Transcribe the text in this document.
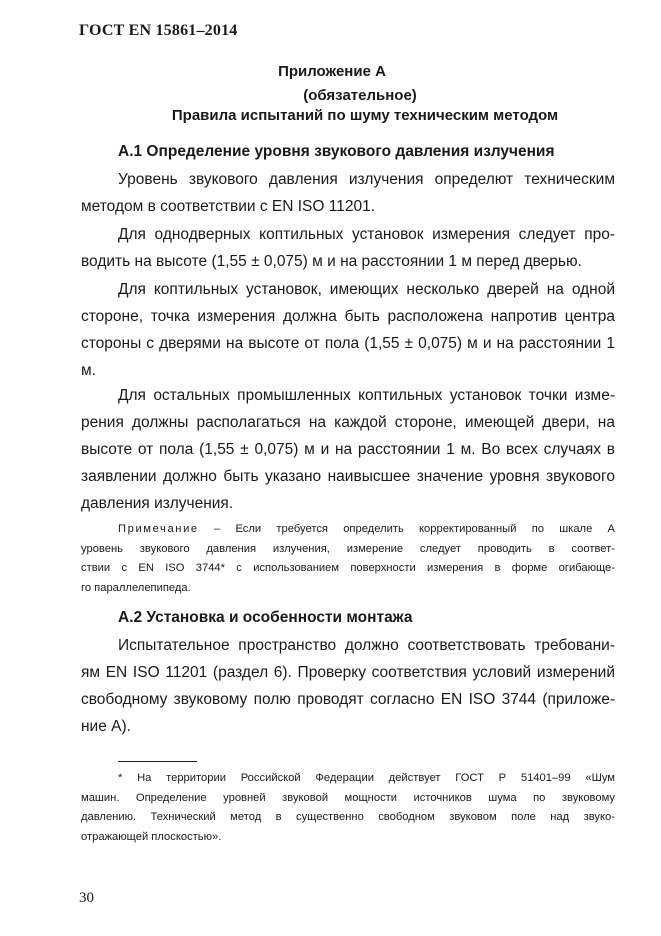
ГОСТ EN 15861–2014
Приложение А
(обязательное)
Правила испытаний по шуму техническим методом
А.1 Определение уровня звукового давления излучения
Уровень звукового давления излучения определют техническим
методом в соответствии с EN ISO 11201.
Для однодверных коптильных установок измерения следует про-
водить на высоте (1,55 ± 0,075) м и на расстоянии 1 м перед дверью.
Для коптильных установок, имеющих несколько дверей на одной
стороне, точка измерения должна быть расположена напротив центра
стороны с дверями на высоте от пола (1,55 ± 0,075) м и на расстоянии 1
м.
Для остальных промышленных коптильных установок точки изме-
рения должны располагаться на каждой стороне, имеющей двери, на
высоте от пола (1,55 ± 0,075) м и на расстоянии 1 м. Во всех случаях в
заявлении должно быть указано наивысшее значение уровня звукового
давления излучения.
Примечание – Если требуется определить корректированный по шкале А
уровень звукового давления излучения, измерение следует проводить в соответ-
ствии с EN ISO 3744* с использованием поверхности измерения в форме огибающе-
го параллелепипеда.
А.2 Установка и особенности монтажа
Испытательное пространство должно соответствовать требовани-
ям EN ISO 11201 (раздел 6). Проверку соответствия условий измерений
свободному звуковому полю проводят согласно EN ISO 3744 (приложе-
ние А).
* На территории Российской Федерации действует ГОСТ Р 51401–99 «Шум
машин. Определение уровней звуковой мощности источников шума по звуковому
давлению. Технический метод в существенно свободном звуковом поле над звуко-
отражающей плоскостью».
30
